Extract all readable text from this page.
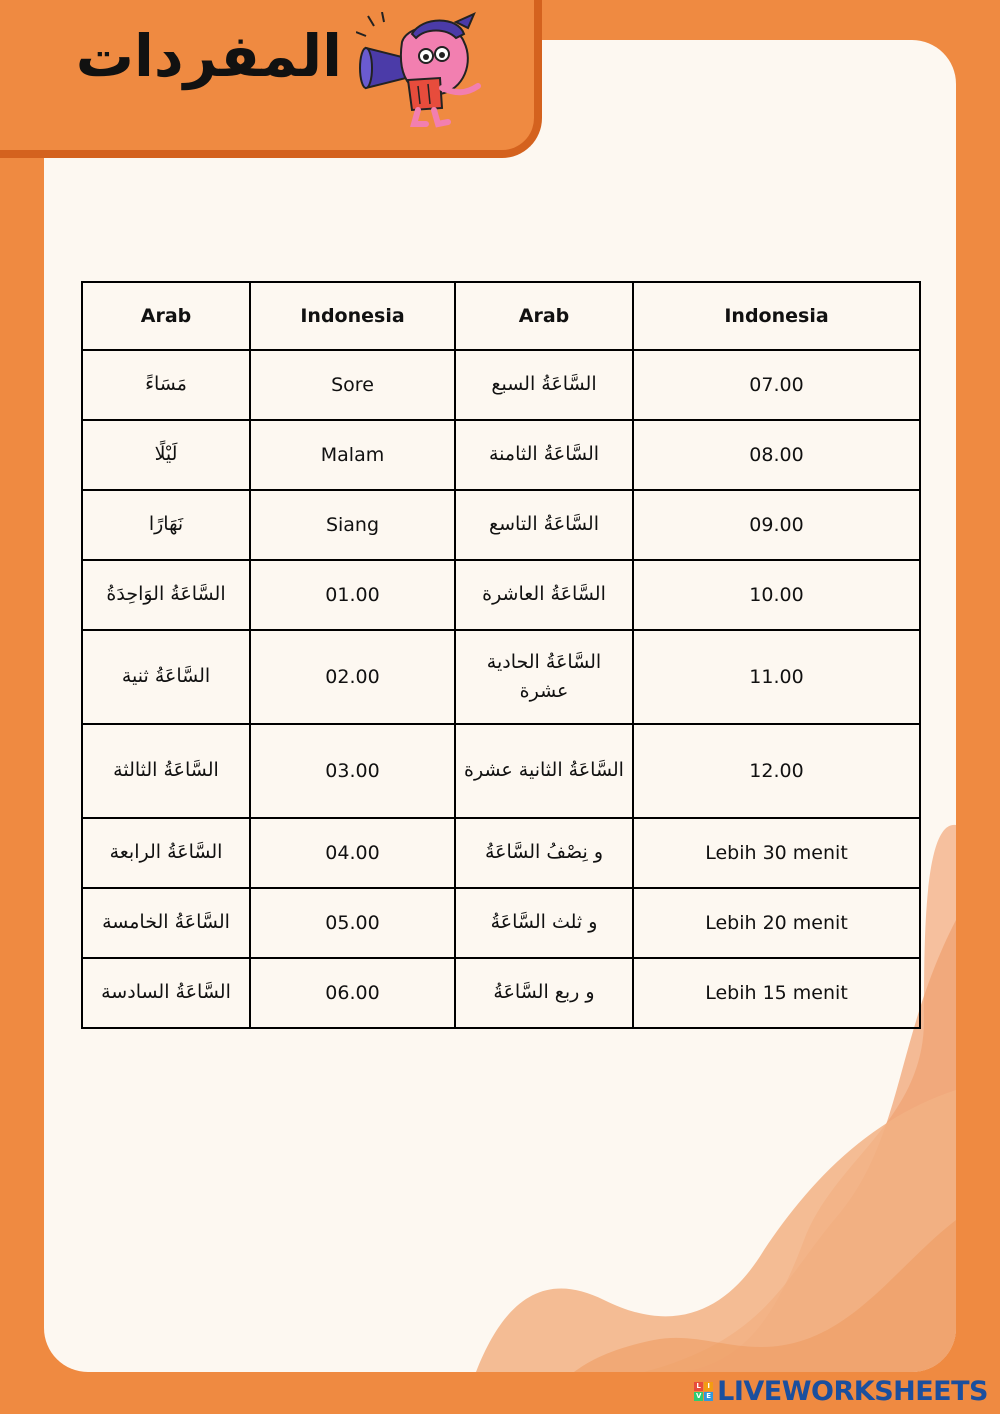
المفردات
Arab	Indonesia	Arab	Indonesia
مَسَاءً	Sore	السَّاعَةُ السبع	07.00
لَيْلًا	Malam	السَّاعَةُ الثامنة	08.00
نَهَارًا	Siang	السَّاعَةُ التاسع	09.00
السَّاعَةُ الوَاحِدَةُ	01.00	السَّاعَةُ العاشرة	10.00
السَّاعَةُ ثنية	02.00	السَّاعَةُ الحادية عشرة	11.00
السَّاعَةُ الثالثة	03.00	السَّاعَةُ الثانية عشرة	12.00
السَّاعَةُ الرابعة	04.00	و نِصْفُ السَّاعَةُ	Lebih 30 menit
السَّاعَةُ الخامسة	05.00	و ثلث السَّاعَةُ	Lebih 20 menit
السَّاعَةُ السادسة	06.00	و ربع السَّاعَةُ	Lebih 15 menit
L I
V E LIVEWORKSHEETS
